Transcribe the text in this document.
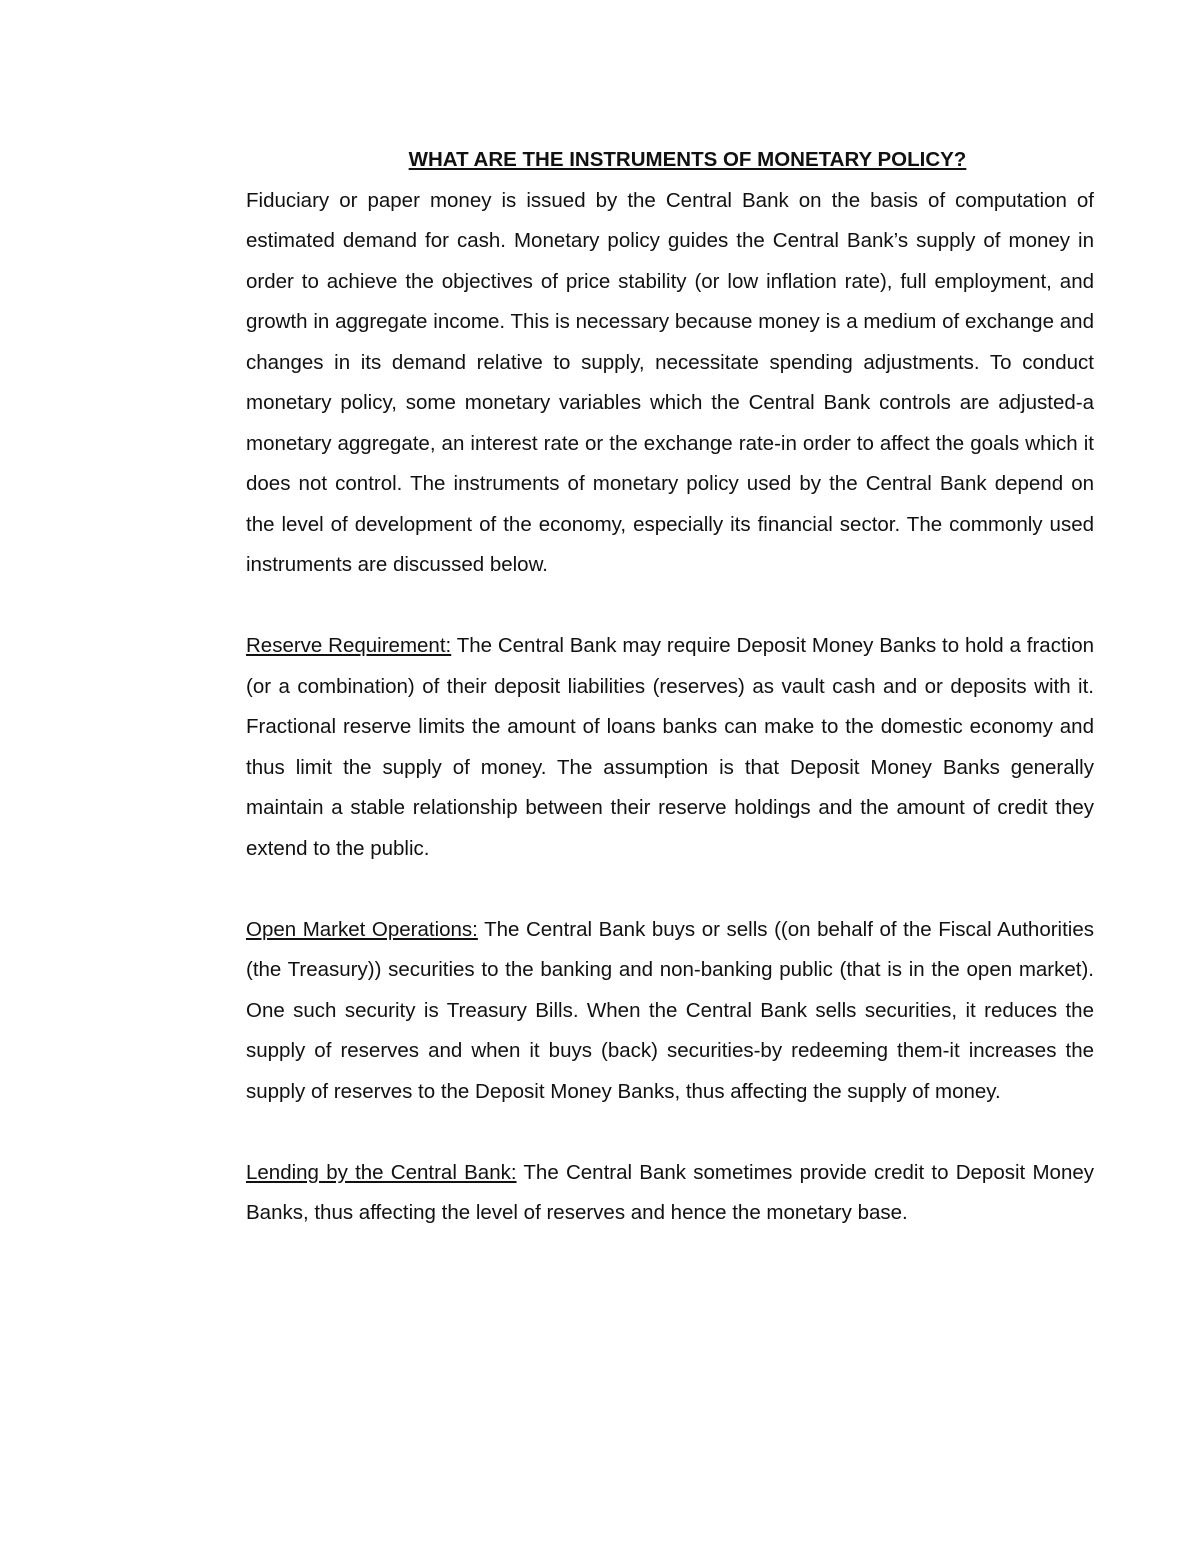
WHAT ARE THE INSTRUMENTS OF MONETARY POLICY?

Fiduciary or paper money is issued by the Central Bank on the basis of computation of estimated demand for cash. Monetary policy guides the Central Bank’s supply of money in order to achieve the objectives of price stability (or low inflation rate), full employment, and growth in aggregate income. This is necessary because money is a medium of exchange and changes in its demand relative to supply, necessitate spending adjustments. To conduct monetary policy, some monetary variables which the Central Bank controls are adjusted-a monetary aggregate, an interest rate or the exchange rate-in order to affect the goals which it does not control. The instruments of monetary policy used by the Central Bank depend on the level of development of the economy, especially its financial sector. The commonly used instruments are discussed below.

Reserve Requirement: The Central Bank may require Deposit Money Banks to hold a fraction (or a combination) of their deposit liabilities (reserves) as vault cash and or deposits with it. Fractional reserve limits the amount of loans banks can make to the domestic economy and thus limit the supply of money. The assumption is that Deposit Money Banks generally maintain a stable relationship between their reserve holdings and the amount of credit they extend to the public.

Open Market Operations: The Central Bank buys or sells ((on behalf of the Fiscal Authorities (the Treasury)) securities to the banking and non-banking public (that is in the open market). One such security is Treasury Bills. When the Central Bank sells securities, it reduces the supply of reserves and when it buys (back) securities-by redeeming them-it increases the supply of reserves to the Deposit Money Banks, thus affecting the supply of money.

Lending by the Central Bank: The Central Bank sometimes provide credit to Deposit Money Banks, thus affecting the level of reserves and hence the monetary base.
